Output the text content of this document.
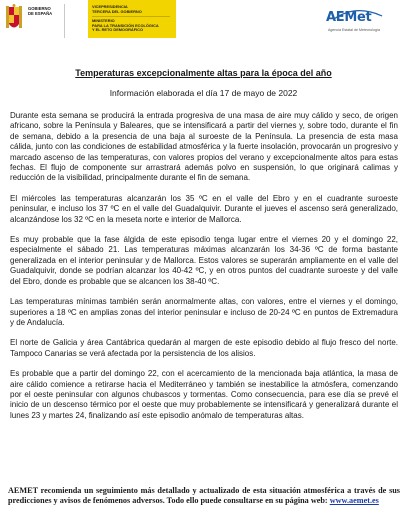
GOBIERNO
DE ESPAÑA
VICEPRESIDENCIA
TERCERA DEL GOBIERNO
MINISTERIO
PARA LA TRANSICIÓN ECOLÓGICA
Y EL RETO DEMOGRÁFICO
AEMet
Agencia Estatal de Meteorología
Temperaturas excepcionalmente altas para la época del año
Información elaborada el día 17 de mayo de 2022

Durante esta semana se producirá la entrada progresiva de una masa de aire muy cálido y seco, de origen africano, sobre la Península y Baleares, que se intensificará a partir del viernes y, sobre todo, durante el fin de semana, debido a la presencia de una baja al suroeste de la Península. La presencia de esta masa cálida, junto con las condiciones de estabilidad atmosférica y la fuerte insolación, provocarán un progresivo y marcado ascenso de las temperaturas, con valores propios del verano y excepcionalmente altos para estas fechas. El flujo de componente sur arrastrará además polvo en suspensión, lo que originará calimas y reducción de la visibilidad, principalmente durante el fin de semana.

El miércoles las temperaturas alcanzarán los 35 ºC en el valle del Ebro y en el cuadrante suroeste peninsular, e incluso los 37 ºC en el valle del Guadalquivir. Durante el jueves el ascenso será generalizado, alcanzándose los 32 ºC en la meseta norte e interior de Mallorca.

Es muy probable que la fase álgida de este episodio tenga lugar entre el viernes 20 y el domingo 22, especialmente el sábado 21. Las temperaturas máximas alcanzarán los 34-36 ºC de forma bastante generalizada en el interior peninsular y de Mallorca. Estos valores se superarán ampliamente en el valle del Guadalquivir, donde se podrían alcanzar los 40-42 ºC, y en otros puntos del cuadrante suroeste y del valle del Ebro, donde es probable que se alcancen los 38-40 ºC.

Las temperaturas mínimas también serán anormalmente altas, con valores, entre el viernes y el domingo, superiores a 18 ºC en amplias zonas del interior peninsular e incluso de 20-24 ºC en puntos de Extremadura y de Andalucía.

El norte de Galicia y área Cantábrica quedarán al margen de este episodio debido al flujo fresco del norte. Tampoco Canarias se verá afectada por la persistencia de los alisios.

Es probable que a partir del domingo 22, con el acercamiento de la mencionada baja atlántica, la masa de aire cálido comience a retirarse hacia el Mediterráneo y también se inestabilice la atmósfera, comenzando por el oeste peninsular con algunos chubascos y tormentas. Como consecuencia, para ese día se prevé el inicio de un descenso térmico por el oeste que muy probablemente se intensificará y generalizará durante el lunes 23 y martes 24, finalizando así este episodio anómalo de temperaturas altas.

AEMET recomienda un seguimiento más detallado y actualizado de esta situación atmosférica a través de sus predicciones y avisos de fenómenos adversos. Todo ello puede consultarse en su página web: www.aemet.es
